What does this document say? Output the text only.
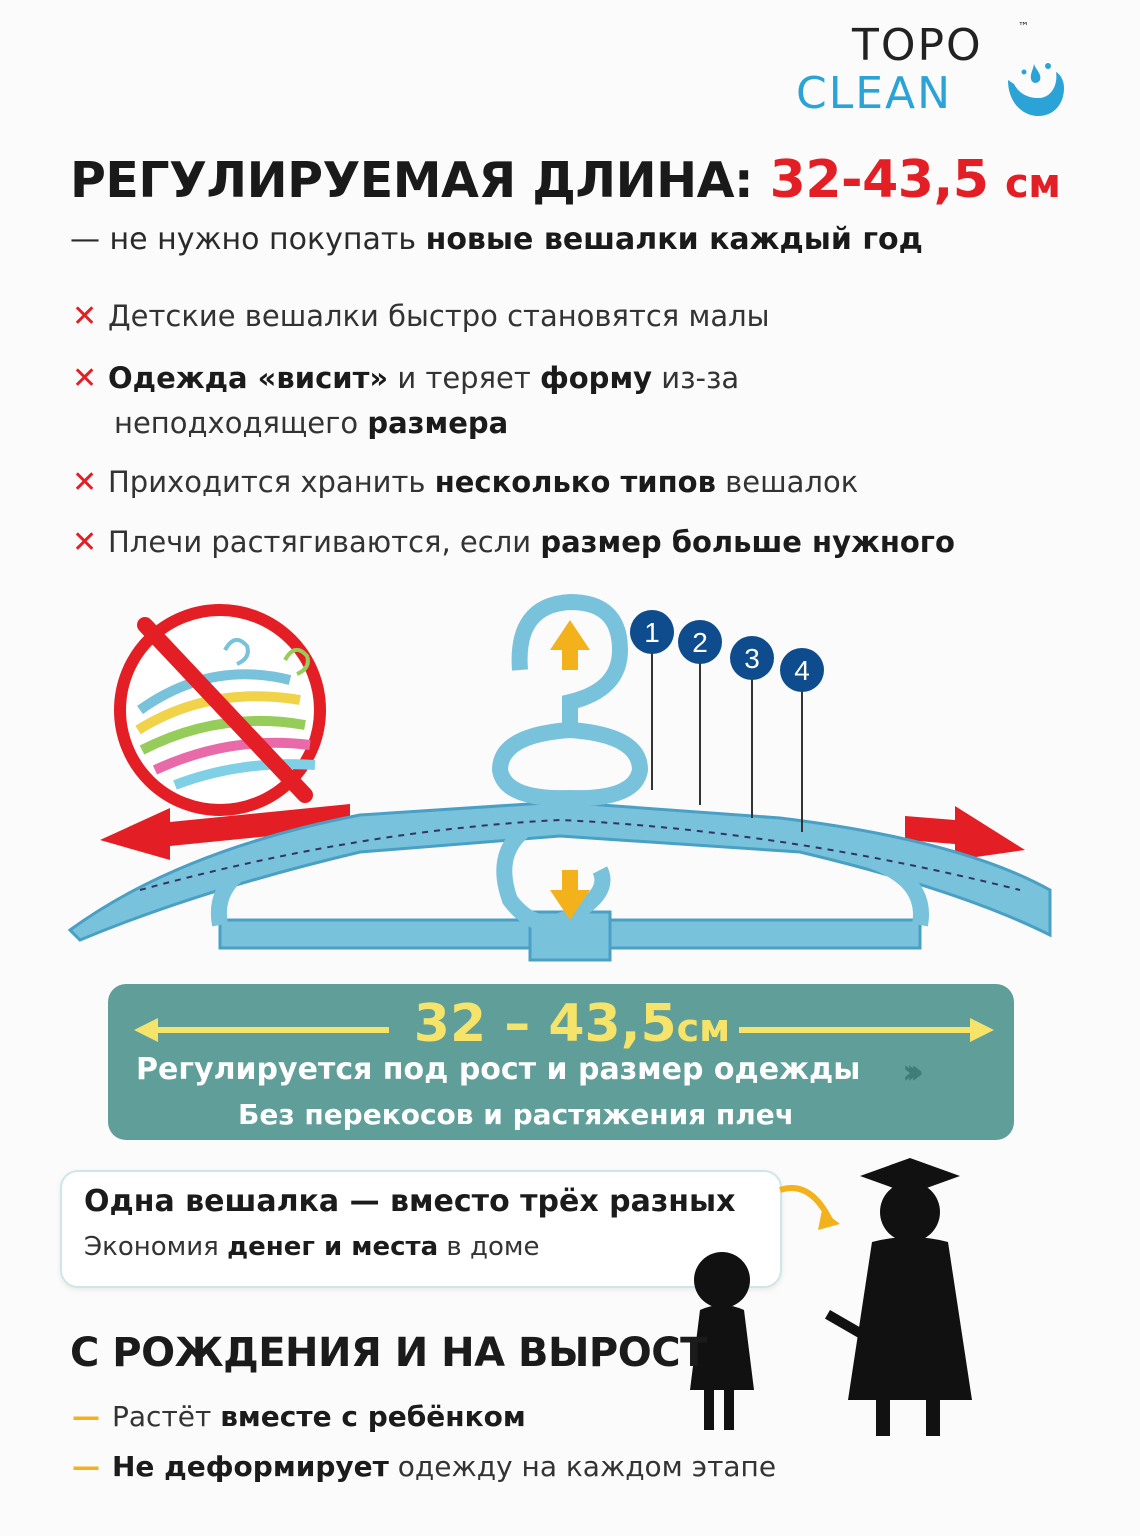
TOPO	™
CLEAN
РЕГУЛИРУЕМАЯ ДЛИНА: 32-43,5 см
— не нужно покупать новые вешалки каждый год
✕ Детские вешалки быстро становятся малы
✕ Одежда «висит» и теряет форму из-за
неподходящего размера
✕ Приходится хранить несколько типов вешалок
✕ Плечи растягиваются, если размер больше нужного
1 2
3 4
32 – 43,5см
Регулируется под рост и размер одежды
Без перекосов и растяжения плеч
›››
Одна вешалка — вместо трёх разных
Экономия денег и места в доме
С РОЖДЕНИЯ И НА ВЫРОСТ
— Растёт вместе с ребёнком
— Не деформирует одежду на каждом этапе
